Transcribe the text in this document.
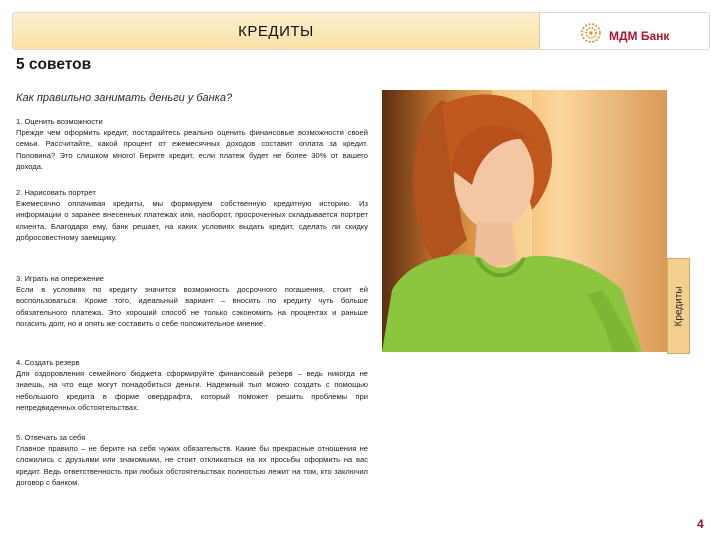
КРЕДИТЫ	МДМ Банк
5 советов
Как правильно занимать деньги у банка?
1. Оценить возможности
Прежде чем оформить кредит, постарайтесь реально оценить финансовые возможности своей семьи. Рассчитайте, какой процент от ежемесячных доходов составит оплата за кредит. Половина? Это слишком много! Берите кредит, если платеж будет не более 30% от вашего дохода.
2. Нарисовать портрет
Ежемесячно оплачивая кредиты, мы формируем собственную кредитную историю. Из информации о заранее внесенных платежах или, наоборот, просроченных складывается портрет клиента. Благодаря ему, банк решает, на каких условиях выдать кредит, сделать ли скидку добросовестному заемщику.
3. Играть на опережение
Если в условиях по кредиту значится возможность досрочного погашения, стоит ей воспользоваться. Кроме того, идеальный вариант – вносить по кредиту чуть больше обязательного платежа. Это хороший способ не только сэкономить на процентах и раньше погасить долг, но и опять же составить о себе положительное мнение.
4. Создать резерв
Для оздоровления семейного бюджета сформируйте финансовый резерв – ведь никогда не знаешь, на что еще могут понадобиться деньги. Надежный тыл можно создать с помощью небольшого кредита в форме овердрафта, который поможет решить проблемы при непредвиденных обстоятельствах.
5. Отвечать за себя
Главное правило – не берите на себя чужих обязательств. Какие бы прекрасные отношения не сложились с друзьями или знакомыми, не стоит откликаться на их просьбы оформить на вас кредит. Ведь ответственность при любых обстоятельствах полностью лежит на том, кто заключил договор с банком.
Кредиты
4
